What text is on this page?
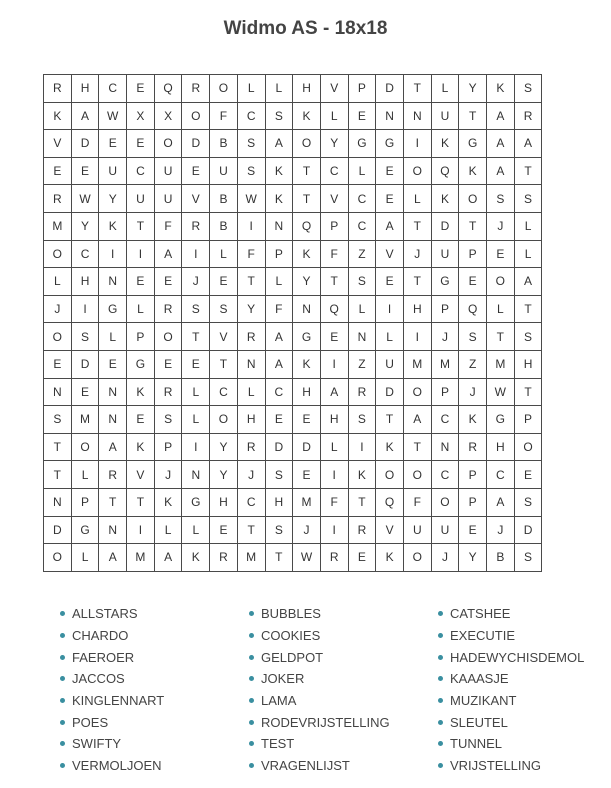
Widmo AS - 18x18
R	H	C	E	Q	R	O	L	L	H	V	P	D	T	L	Y	K	S
K	A	W	X	X	O	F	C	S	K	L	E	N	N	U	T	A	R
V	D	E	E	O	D	B	S	A	O	Y	G	G	I	K	G	A	A
E	E	U	C	U	E	U	S	K	T	C	L	E	O	Q	K	A	T
R	W	Y	U	U	V	B	W	K	T	V	C	E	L	K	O	S	S
M	Y	K	T	F	R	B	I	N	Q	P	C	A	T	D	T	J	L
O	C	I	I	A	I	L	F	P	K	F	Z	V	J	U	P	E	L
L	H	N	E	E	J	E	T	L	Y	T	S	E	T	G	E	O	A
J	I	G	L	R	S	S	Y	F	N	Q	L	I	H	P	Q	L	T
O	S	L	P	O	T	V	R	A	G	E	N	L	I	J	S	T	S
E	D	E	G	E	E	T	N	A	K	I	Z	U	M	M	Z	M	H
N	E	N	K	R	L	C	L	C	H	A	R	D	O	P	J	W	T
S	M	N	E	S	L	O	H	E	E	H	S	T	A	C	K	G	P
T	O	A	K	P	I	Y	R	D	D	L	I	K	T	N	R	H	O
T	L	R	V	J	N	Y	J	S	E	I	K	O	O	C	P	C	E
N	P	T	T	K	G	H	C	H	M	F	T	Q	F	O	P	A	S
D	G	N	I	L	L	E	T	S	J	I	R	V	U	U	E	J	D
O	L	A	M	A	K	R	M	T	W	R	E	K	O	J	Y	B	S
ALLSTARS	BUBBLES	CATSHEE
CHARDO	COOKIES	EXECUTIE
FAEROER	GELDPOT	HADEWYCHISDEMOL
JACCOS	JOKER	KAAASJE
KINGLENNART	LAMA	MUZIKANT
POES	RODEVRIJSTELLING	SLEUTEL
SWIFTY	TEST	TUNNEL
VERMOLJOEN	VRAGENLIJST	VRIJSTELLING
